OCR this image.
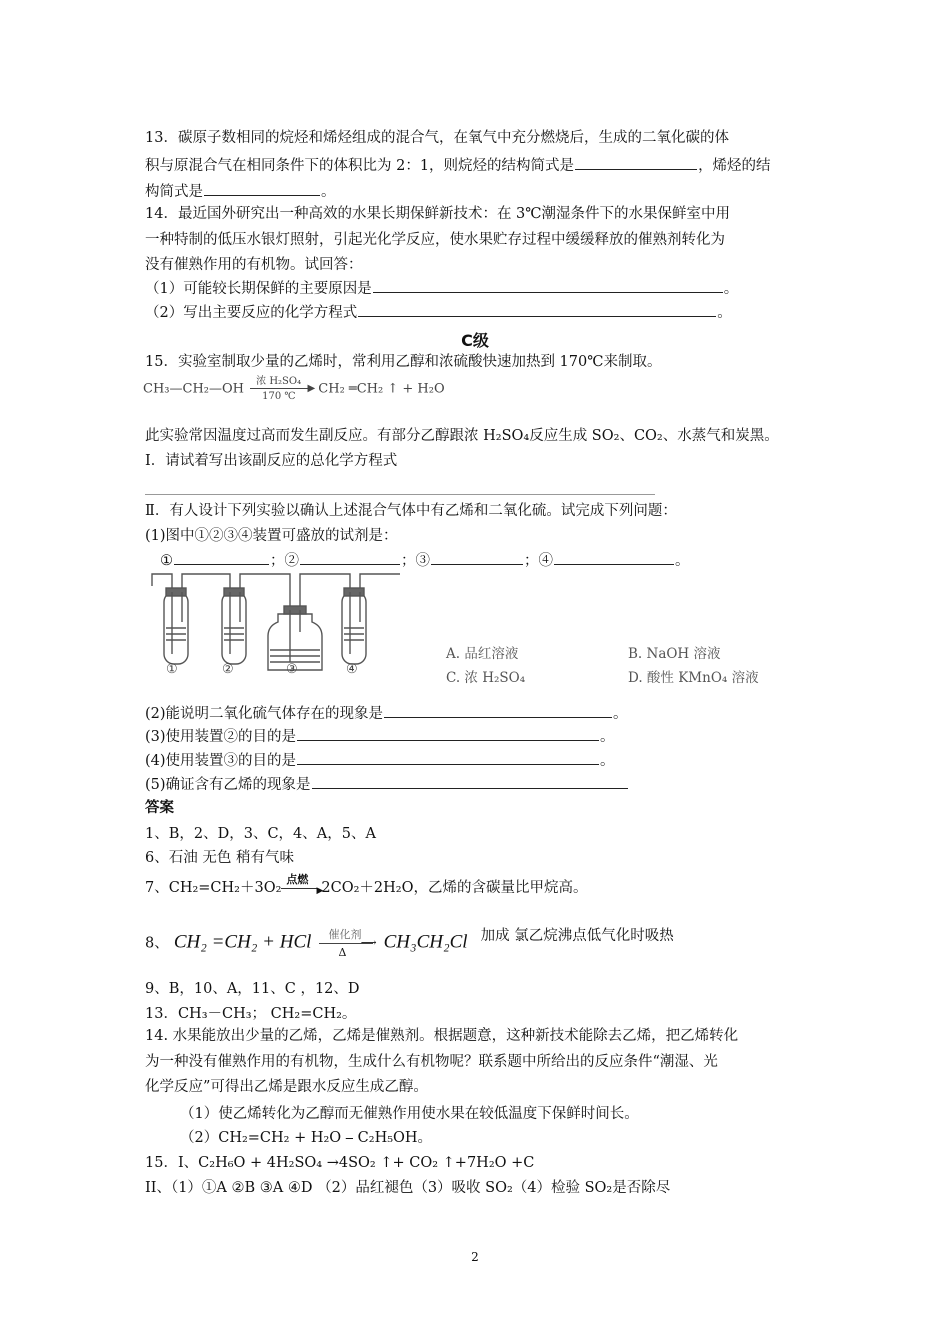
13．碳原子数相同的烷烃和烯烃组成的混合气，在氧气中充分燃烧后，生成的二氧化碳的体
积与原混合气在相同条件下的体积比为 2：1，则烷烃的结构简式是	，烯烃的结
构简式是	。
14．最近国外研究出一种高效的水果长期保鲜新技术：在 3℃潮湿条件下的水果保鲜室中用
一种特制的低压水银灯照射，引起光化学反应，使水果贮存过程中缓缓释放的催熟剂转化为
没有催熟作用的有机物。试回答：
（1）可能较长期保鲜的主要原因是	。
（2）写出主要反应的化学方程式	。
C级
15．实验室制取少量的乙烯时，常利用乙醇和浓硫酸快速加热到 170℃来制取。
CH₃—CH₂—OH 浓 H₂SO₄
▶
170 ℃ CH₂ ═CH₂ ↑ + H₂O
此实验常因温度过高而发生副反应。有部分乙醇跟浓 H₂SO₄反应生成 SO₂、CO₂、水蒸气和炭黑。
Ⅰ．请试着写出该副反应的总化学方程式
Ⅱ．有人设计下列实验以确认上述混合气体中有乙烯和二氧化硫。试完成下列问题：
(1)图中①②③④装置可盛放的试剂是：
①	；②	；③	；④	。
①	②	③	④
A. 品红溶液	B. NaOH 溶液
C. 浓 H₂SO₄	D. 酸性 KMnO₄ 溶液
(2)能说明二氧化硫气体存在的现象是	。
(3)使用装置②的目的是	。
(4)使用装置③的目的是	。
(5)确证含有乙烯的现象是
答案
1、B，2、D，3、C，4、A，5、A
6、石油 无色 稍有气味
7、CH₂=CH₂＋3O₂
点燃
▶
2CO₂＋2H₂O，乙烯的含碳量比甲烷高。
8、 CH₂ =CH₂ + HCl 催化剂
⟶
Δ CH₃CH₂Cl 加成 氯乙烷沸点低气化时吸热
9、B，10、A，11、C ，12、D
13．CH₃－CH₃； CH₂=CH₂。
14. 水果能放出少量的乙烯，乙烯是催熟剂。根据题意，这种新技术能除去乙烯，把乙烯转化
为一种没有催熟作用的有机物，生成什么有机物呢？联系题中所给出的反应条件“潮湿、光
化学反应”可得出乙烯是跟水反应生成乙醇。
（1）使乙烯转化为乙醇而无催熟作用使水果在较低温度下保鲜时间长。
（2）CH₂=CH₂ + H₂O ⎯ C₂H₅OH。
15．I、C₂H₆O + 4H₂SO₄ →4SO₂ ↑+ CO₂ ↑+7H₂O +C
II、（1）①A ②B ③A ④D （2）品红褪色（3）吸收 SO₂（4）检验 SO₂是否除尽
2
